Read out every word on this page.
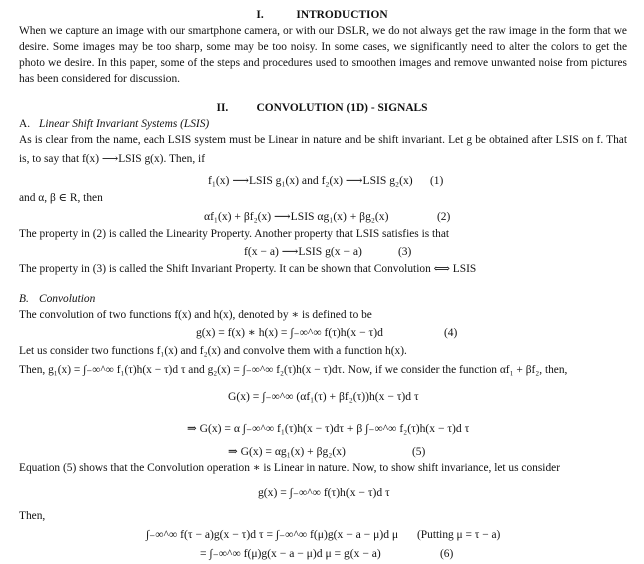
I.	INTRODUCTION
When we capture an image with our smartphone camera, or with our DSLR, we do not always get the raw image in the form that we
desire. Some images may be too sharp, some may be too noisy. In some cases, we significantly need to alter the colors to get the
photo we desire. In this paper, some of the steps and procedures used to smoothen images and remove unwanted noise from pictures
has been considered for discussion.
II. CONVOLUTION (1D) - SIGNALS
A. Linear Shift Invariant Systems (LSIS)
As is clear from the name, each LSIS system must be Linear in nature and be shift invariant. Let g be obtained after LSIS on f. That
is, to say that f(x) ⟶LSIS g(x). Then, if
f₁(x) ⟶LSIS g₁(x) and f₂(x) ⟶LSIS g₂(x) (1)
and α, β ∈ R, then
αf₁(x) + βf₂(x) ⟶LSIS αg₁(x) + βg₂(x)	(2)
The property in (2) is called the Linearity Property. Another property that LSIS satisfies is that
f(x − a) ⟶LSIS g(x − a)	(3)
The property in (3) is called the Shift Invariant Property. It can be shown that Convolution ⟺ LSIS
B. Convolution
The convolution of two functions f(x) and h(x), denoted by ∗ is defined to be
g(x) = f(x) ∗ h(x) = ∫₋∞^∞ f(τ)h(x − τ)d	(4)
Let us consider two functions f₁(x) and f₂(x) and convolve them with a function h(x).
Then, g₁(x) = ∫₋∞^∞ f₁(τ)h(x − τ)d τ and g₂(x) = ∫₋∞^∞ f₂(τ)h(x − τ)dτ. Now, if we consider the function αf₁ + βf₂, then,
G(x) = ∫₋∞^∞ (αf₁(τ) + βf₂(τ))h(x − τ)d τ
⇒ G(x) = α ∫₋∞^∞ f₁(τ)h(x − τ)dτ + β ∫₋∞^∞ f₂(τ)h(x − τ)d τ
⇒ G(x) = αg₁(x) + βg₂(x)	(5)
Equation (5) shows that the Convolution operation ∗ is Linear in nature. Now, to show shift invariance, let us consider
g(x) = ∫₋∞^∞ f(τ)h(x − τ)d τ
Then,
∫₋∞^∞ f(τ − a)g(x − τ)d τ = ∫₋∞^∞ f(μ)g(x − a − μ)d μ (Putting μ = τ − a)
= ∫₋∞^∞ f(μ)g(x − a − μ)d μ = g(x − a)	(6)
